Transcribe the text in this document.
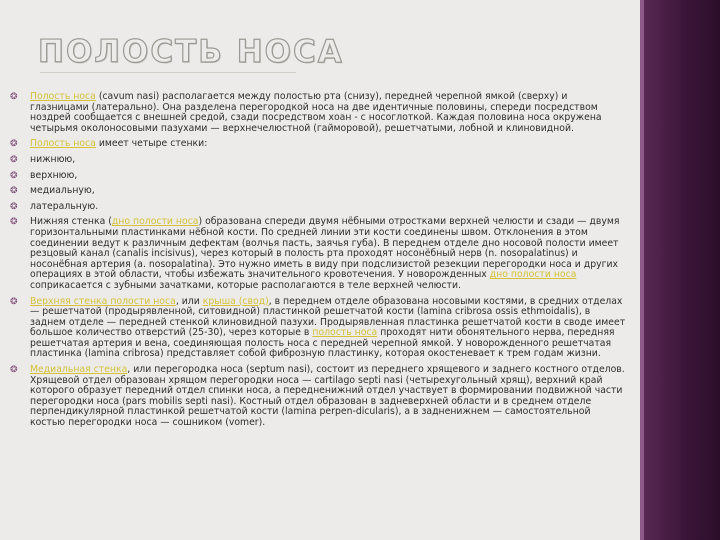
ПОЛОСТЬ НОСА
❂ Полость носа (cavum nasi) располагается между полостью рта (снизу), передней черепной ямкой (сверху) и глазницами (латерально). Она разделена перегородкой носа на две идентичные половины, спереди посредством ноздрей сообщается с внешней средой, сзади посредством хоан - с носоглоткой. Каждая половина носа окружена четырьмя околоносовыми пазухами — верхнечелюстной (гайморовой), решетчатыми, лобной и клиновидной.
❂ Полость носа имеет четыре стенки:
❂ нижнюю,
❂ верхнюю,
❂ медиальную,
❂ латеральную.
❂ Нижняя стенка (дно полости носа) образована спереди двумя нёбными отростками верхней челюсти и сзади — двумя горизонтальными пластинками нёбной кости. По средней линии эти кости соединены швом. Отклонения в этом соединении ведут к различным дефектам (волчья пасть, заячья губа). В переднем отделе дно носовой полости имеет резцовый канал (canalis incisivus), через который в полость рта проходят носонёбный нерв (n. nosopalatinus) и носонёбная артерия (a. nosopalatina). Это нужно иметь в виду при подслизистой резекции перегородки носа и других операциях в этой области, чтобы избежать значительного кровотечения. У новорожденных дно полости носа соприкасается с зубными зачатками, которые располагаются в теле верхней челюсти.
❂ Верхняя стенка полости носа, или крыша (свод), в переднем отделе образована носовыми костями, в средних отделах — решетчатой (продырявленной, ситовидной) пластинкой решетчатой кости (lamina cribrosa ossis ethmoidalis), в заднем отделе — передней стенкой клиновидной пазухи. Продырявленная пластинка решетчатой кости в своде имеет большое количество отверстий (25-30), через которые в полость носа проходят нити обонятельного нерва, передняя решетчатая артерия и вена, соединяющая полость носа с передней черепной ямкой. У новорожденного решетчатая пластинка (lamina cribrosa) представляет собой фиброзную пластинку, которая окостеневает к трем годам жизни.
❂ Медиальная стенка, или перегородка носа (septum nasi), состоит из переднего хрящевого и заднего костного отделов. Хрящевой отдел образован хрящом перегородки носа — cartilago septi nasi (четырехугольный хрящ), верхний край которого образует передний отдел спинки носа, а передненижний отдел участвует в формировании подвижной части перегородки носа (pars mobilis septi nasi). Костный отдел образован в задневерхней области и в среднем отделе перпендикулярной пластинкой решетчатой кости (lamina perpen-dicularis), а в задненижнем — самостоятельной костью перегородки носа — сошником (vomer).
